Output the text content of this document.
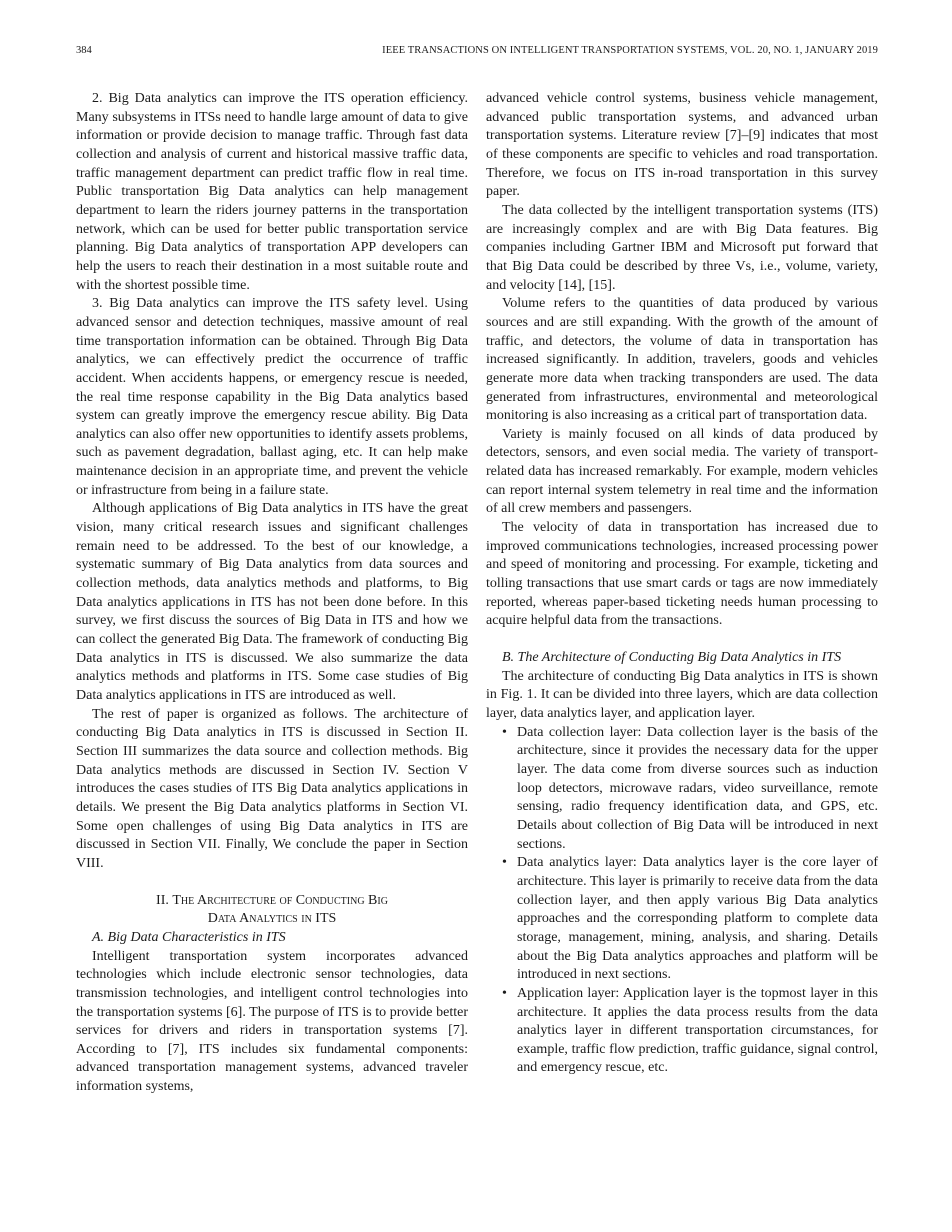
384	IEEE TRANSACTIONS ON INTELLIGENT TRANSPORTATION SYSTEMS, VOL. 20, NO. 1, JANUARY 2019

2. Big Data analytics can improve the ITS operation efficiency. Many subsystems in ITSs need to handle large amount of data to give information or provide decision to manage traffic. Through fast data collection and analysis of current and historical massive traffic data, traffic management department can predict traffic flow in real time. Public transportation Big Data analytics can help management department to learn the riders journey patterns in the transportation network, which can be used for better public transportation service planning. Big Data analytics of transportation APP developers can help the users to reach their destination in a most suitable route and with the shortest possible time.

3. Big Data analytics can improve the ITS safety level. Using advanced sensor and detection techniques, massive amount of real time transportation information can be obtained. Through Big Data analytics, we can effectively predict the occurrence of traffic accident. When accidents happens, or emergency rescue is needed, the real time response capability in the Big Data analytics based system can greatly improve the emergency rescue ability. Big Data analytics can also offer new opportunities to identify assets problems, such as pavement degradation, ballast aging, etc. It can help make maintenance decision in an appropriate time, and prevent the vehicle or infrastructure from being in a failure state.

Although applications of Big Data analytics in ITS have the great vision, many critical research issues and significant challenges remain need to be addressed. To the best of our knowledge, a systematic summary of Big Data analytics from data sources and collection methods, data analytics methods and platforms, to Big Data analytics applications in ITS has not been done before. In this survey, we first discuss the sources of Big Data in ITS and how we can collect the generated Big Data. The framework of conducting Big Data analytics in ITS is discussed. We also summarize the data analytics methods and platforms in ITS. Some case studies of Big Data analytics applications in ITS are introduced as well.

The rest of paper is organized as follows. The architecture of conducting Big Data analytics in ITS is discussed in Section II. Section III summarizes the data source and collection methods. Big Data analytics methods are discussed in Section IV. Section V introduces the cases studies of ITS Big Data analytics applications in details. We present the Big Data analytics platforms in Section VI. Some open challenges of using Big Data analytics in ITS are discussed in Section VII. Finally, We conclude the paper in Section VIII.

II. The Architecture of Conducting Big
Data Analytics in ITS

A. Big Data Characteristics in ITS

Intelligent transportation system incorporates advanced technologies which include electronic sensor technologies, data transmission technologies, and intelligent control technologies into the transportation systems [6]. The purpose of ITS is to provide better services for drivers and riders in transportation systems [7]. According to [7], ITS includes six fundamental components: advanced transportation management systems, advanced traveler information systems,

advanced vehicle control systems, business vehicle management, advanced public transportation systems, and advanced urban transportation systems. Literature review [7]–[9] indicates that most of these components are specific to vehicles and road transportation. Therefore, we focus on ITS in-road transportation in this survey paper.

The data collected by the intelligent transportation systems (ITS) are increasingly complex and are with Big Data features. Big companies including Gartner IBM and Microsoft put forward that that Big Data could be described by three Vs, i.e., volume, variety, and velocity [14], [15].

Volume refers to the quantities of data produced by various sources and are still expanding. With the growth of the amount of traffic, and detectors, the volume of data in transportation has increased significantly. In addition, travelers, goods and vehicles generate more data when tracking transponders are used. The data generated from infrastructures, environmental and meteorological monitoring is also increasing as a critical part of transportation data.

Variety is mainly focused on all kinds of data produced by detectors, sensors, and even social media. The variety of transport-related data has increased remarkably. For example, modern vehicles can report internal system telemetry in real time and the information of all crew members and passengers.

The velocity of data in transportation has increased due to improved communications technologies, increased processing power and speed of monitoring and processing. For example, ticketing and tolling transactions that use smart cards or tags are now immediately reported, whereas paper-based ticketing needs human processing to acquire helpful data from the transactions.

B. The Architecture of Conducting Big Data Analytics in ITS

The architecture of conducting Big Data analytics in ITS is shown in Fig. 1. It can be divided into three layers, which are data collection layer, data analytics layer, and application layer.

• Data collection layer: Data collection layer is the basis of the architecture, since it provides the necessary data for the upper layer. The data come from diverse sources such as induction loop detectors, microwave radars, video surveillance, remote sensing, radio frequency identification data, and GPS, etc. Details about collection of Big Data will be introduced in next sections.
• Data analytics layer: Data analytics layer is the core layer of architecture. This layer is primarily to receive data from the data collection layer, and then apply various Big Data analytics approaches and the corresponding platform to complete data storage, management, mining, analysis, and sharing. Details about the Big Data analytics approaches and platform will be introduced in next sections.
• Application layer: Application layer is the topmost layer in this architecture. It applies the data process results from the data analytics layer in different transportation circumstances, for example, traffic flow prediction, traffic guidance, signal control, and emergency rescue, etc.
